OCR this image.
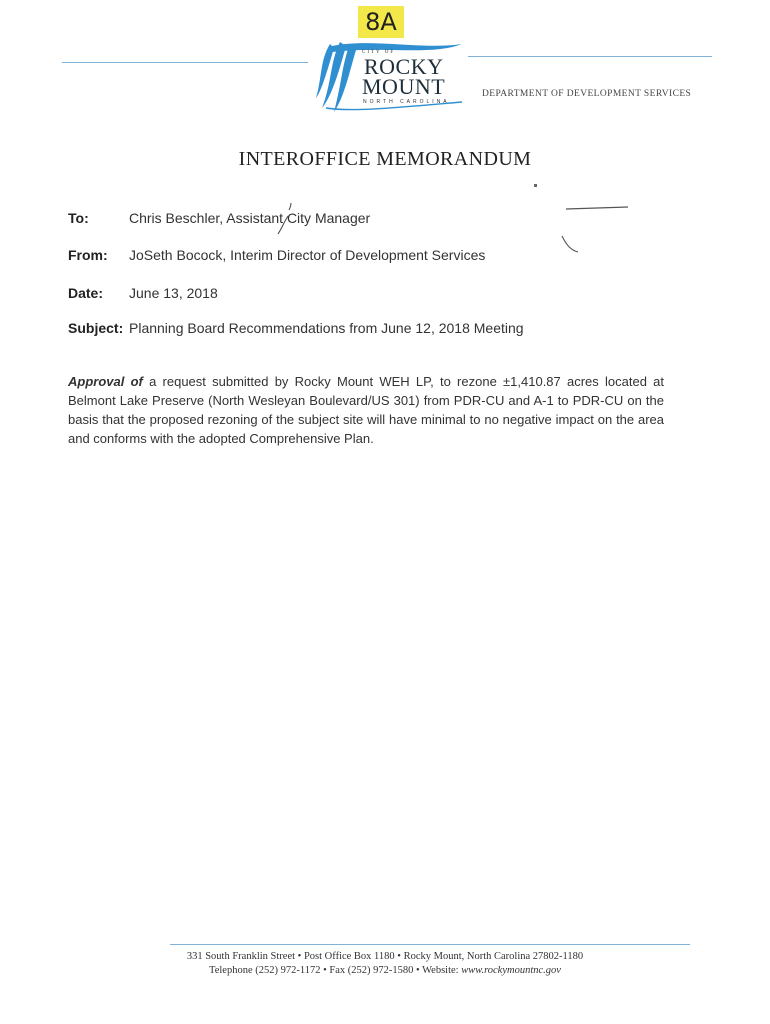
8A
CITY OF
ROCKY
MOUNT
NORTH CAROLINA
DEPARTMENT OF DEVELOPMENT SERVICES
INTEROFFICE MEMORANDUM
To:	Chris Beschler, Assistant City Manager
From: JoSeth Bocock, Interim Director of Development Services
Date: June 13, 2018
Subject: Planning Board Recommendations from June 12, 2018 Meeting
Approval of a request submitted by Rocky Mount WEH LP, to rezone ±1,410.87 acres located at Belmont Lake Preserve (North Wesleyan Boulevard/US 301) from PDR-CU and A-1 to PDR-CU on the basis that the proposed rezoning of the subject site will have minimal to no negative impact on the area and conforms with the adopted Comprehensive Plan.
331 South Franklin Street • Post Office Box 1180 • Rocky Mount, North Carolina 27802-1180
Telephone (252) 972-1172 • Fax (252) 972-1580 • Website: www.rockymountnc.gov
